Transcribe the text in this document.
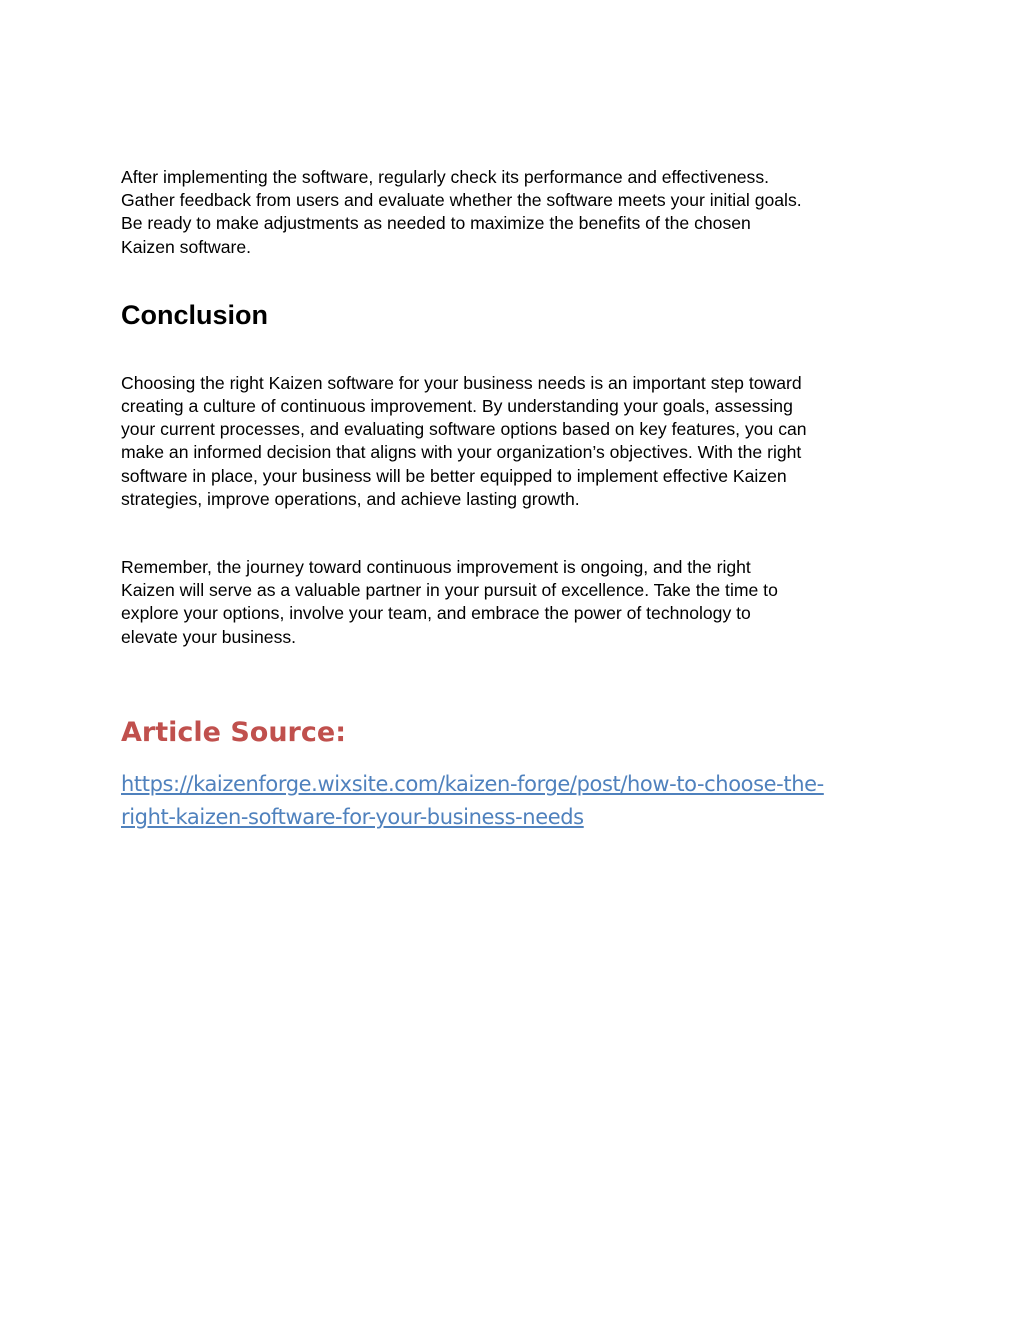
After implementing the software, regularly check its performance and effectiveness.
Gather feedback from users and evaluate whether the software meets your initial goals.
Be ready to make adjustments as needed to maximize the benefits of the chosen
Kaizen software.

Conclusion

Choosing the right Kaizen software for your business needs is an important step toward
creating a culture of continuous improvement. By understanding your goals, assessing
your current processes, and evaluating software options based on key features, you can
make an informed decision that aligns with your organization’s objectives. With the right
software in place, your business will be better equipped to implement effective Kaizen
strategies, improve operations, and achieve lasting growth.

Remember, the journey toward continuous improvement is ongoing, and the right
Kaizen will serve as a valuable partner in your pursuit of excellence. Take the time to
explore your options, involve your team, and embrace the power of technology to
elevate your business.

Article Source:
https://kaizenforge.wixsite.com/kaizen-forge/post/how-to-choose-the-
right-kaizen-software-for-your-business-needs
